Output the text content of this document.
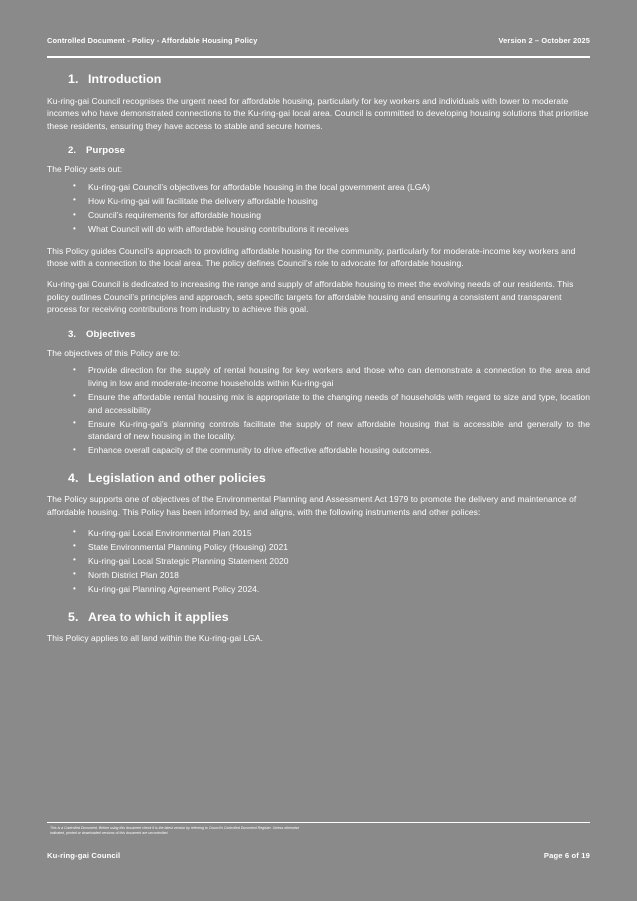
Controlled Document - Policy - Affordable Housing Policy	Version 2 – October 2025
1. Introduction

Ku-ring-gai Council recognises the urgent need for affordable housing, particularly for key workers and individuals with lower to moderate incomes who have demonstrated connections to the Ku-ring-gai local area. Council is committed to developing housing solutions that prioritise these residents, ensuring they have access to stable and secure homes.

2. Purpose

The Policy sets out:

• Ku-ring-gai Council’s objectives for affordable housing in the local government area (LGA)
• How Ku-ring-gai will facilitate the delivery affordable housing
• Council’s requirements for affordable housing
• What Council will do with affordable housing contributions it receives

This Policy guides Council’s approach to providing affordable housing for the community, particularly for moderate-income key workers and those with a connection to the local area. The policy defines Council’s role to advocate for affordable housing.

Ku-ring-gai Council is dedicated to increasing the range and supply of affordable housing to meet the evolving needs of our residents. This policy outlines Council’s principles and approach, sets specific targets for affordable housing and ensuring a consistent and transparent process for receiving contributions from industry to achieve this goal.

3. Objectives

The objectives of this Policy are to:

• Provide direction for the supply of rental housing for key workers and those who can demonstrate a connection to the area and living in low and moderate-income households within Ku-ring-gai
• Ensure the affordable rental housing mix is appropriate to the changing needs of households with regard to size and type, location and accessibility
• Ensure Ku-ring-gai’s planning controls facilitate the supply of new affordable housing that is accessible and generally to the standard of new housing in the locality.
• Enhance overall capacity of the community to drive effective affordable housing outcomes.
4. Legislation and other policies

The Policy supports one of objectives of the Environmental Planning and Assessment Act 1979 to promote the delivery and maintenance of affordable housing. This Policy has been informed by, and aligns, with the following instruments and other polices:

• Ku-ring-gai Local Environmental Plan 2015
• State Environmental Planning Policy (Housing) 2021
• Ku-ring-gai Local Strategic Planning Statement 2020
• North District Plan 2018
• Ku-ring-gai Planning Agreement Policy 2024.
5. Area to which it applies

This Policy applies to all land within the Ku-ring-gai LGA.

This is a Controlled Document. Before using this document check it is the latest version by referring to Council's Controlled Document Register. Unless otherwise
indicated, printed or downloaded versions of this document are uncontrolled.
Ku-ring-gai Council	Page 6 of 19
